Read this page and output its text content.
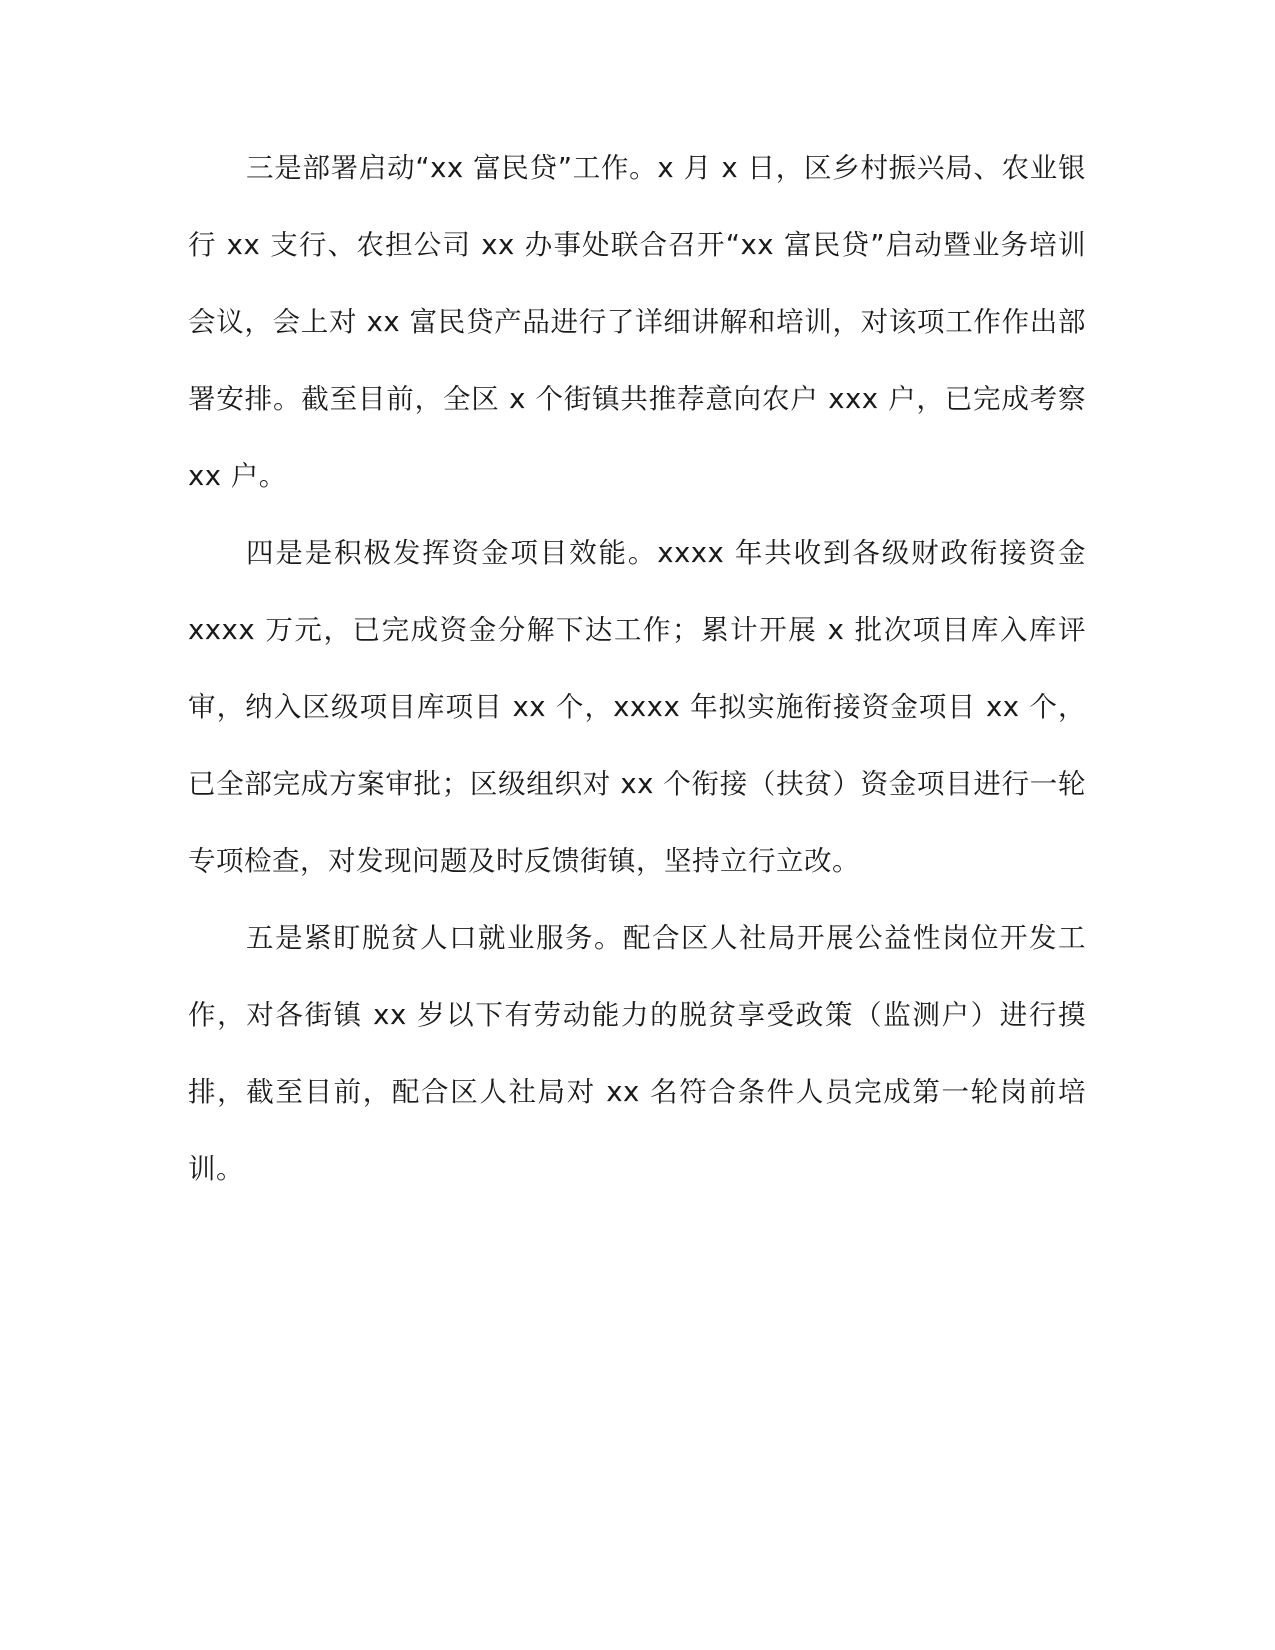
三是部署启动“xx 富民贷”工作。x 月 x 日，区乡村振兴局、农业银行 xx 支行、农担公司 xx 办事处联合召开“xx 富民贷”启动暨业务培训会议，会上对 xx 富民贷产品进行了详细讲解和培训，对该项工作作出部署安排。截至目前，全区 x 个街镇共推荐意向农户 xxx 户，已完成考察 xx 户。

四是是积极发挥资金项目效能。xxxx 年共收到各级财政衔接资金 xxxx 万元，已完成资金分解下达工作；累计开展 x 批次项目库入库评审，纳入区级项目库项目 xx 个，xxxx 年拟实施衔接资金项目 xx 个，已全部完成方案审批；区级组织对 xx 个衔接（扶贫）资金项目进行一轮专项检查，对发现问题及时反馈街镇，坚持立行立改。

五是紧盯脱贫人口就业服务。配合区人社局开展公益性岗位开发工作，对各街镇 xx 岁以下有劳动能力的脱贫享受政策（监测户）进行摸排，截至目前，配合区人社局对 xx 名符合条件人员完成第一轮岗前培训。
